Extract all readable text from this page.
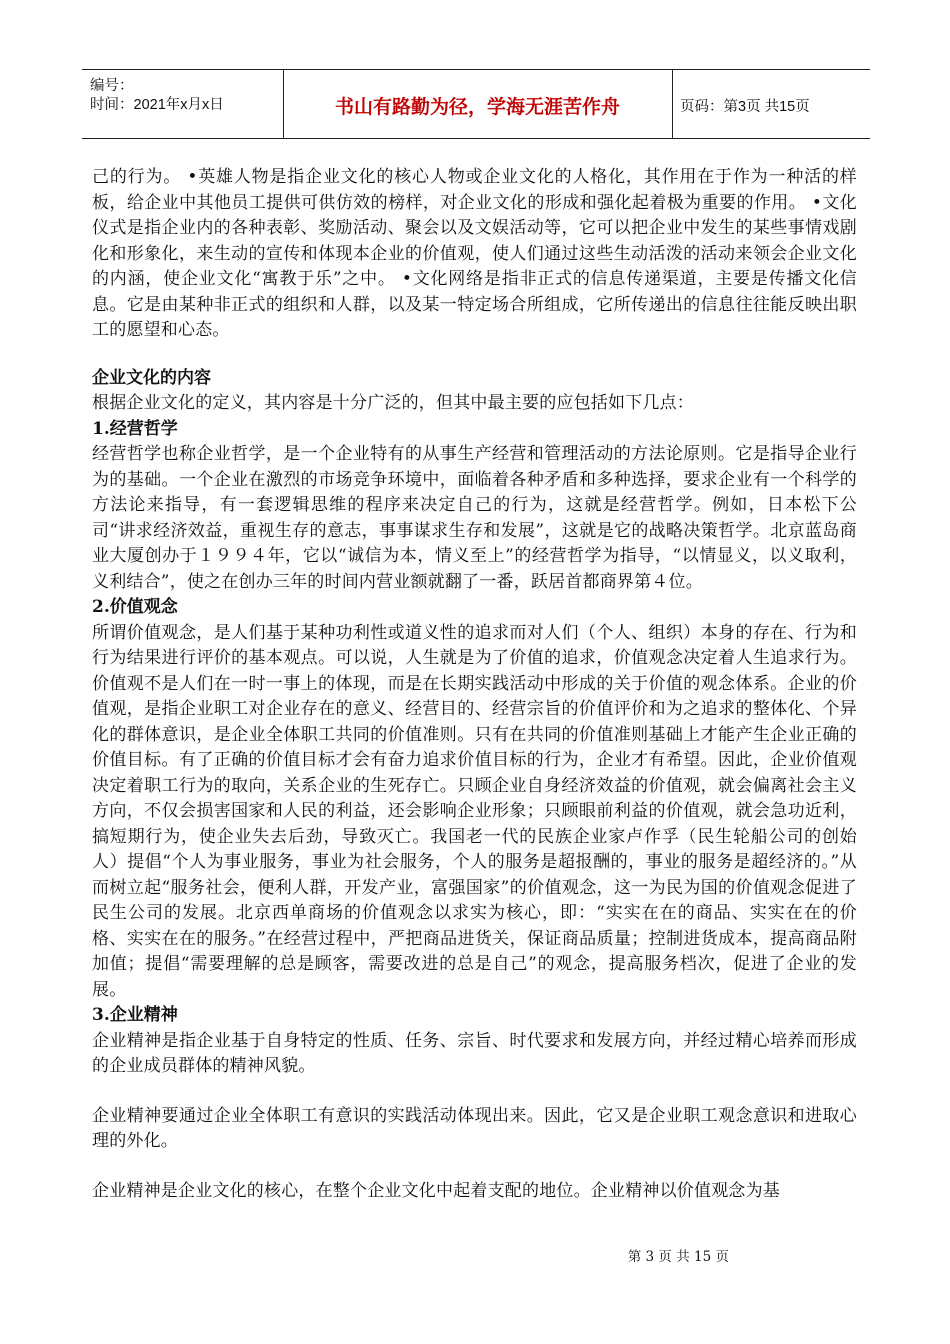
编号：
时间：2021年x月x日	书山有路勤为径，学海无涯苦作舟	页码：第3页 共15页

己的行为。 •英雄人物是指企业文化的核心人物或企业文化的人格化，其作用在于作为一种活的样板，给企业中其他员工提供可供仿效的榜样，对企业文化的形成和强化起着极为重要的作用。 •文化仪式是指企业内的各种表彰、奖励活动、聚会以及文娱活动等，它可以把企业中发生的某些事情戏剧化和形象化，来生动的宣传和体现本企业的价值观，使人们通过这些生动活泼的活动来领会企业文化的内涵，使企业文化“寓教于乐”之中。 •文化网络是指非正式的信息传递渠道，主要是传播文化信息。它是由某种非正式的组织和人群，以及某一特定场合所组成，它所传递出的信息往往能反映出职工的愿望和心态。

企业文化的内容

根据企业文化的定义，其内容是十分广泛的，但其中最主要的应包括如下几点：

1.经营哲学

经营哲学也称企业哲学，是一个企业特有的从事生产经营和管理活动的方法论原则。它是指导企业行为的基础。一个企业在激烈的市场竞争环境中，面临着各种矛盾和多种选择，要求企业有一个科学的方法论来指导，有一套逻辑思维的程序来决定自己的行为，这就是经营哲学。例如，日本松下公司“讲求经济效益，重视生存的意志，事事谋求生存和发展”，这就是它的战略决策哲学。北京蓝岛商业大厦创办于１９９４年，它以“诚信为本，情义至上”的经营哲学为指导，“以情显义，以义取利，义利结合”，使之在创办三年的时间内营业额就翻了一番，跃居首都商界第４位。

2.价值观念

所谓价值观念，是人们基于某种功利性或道义性的追求而对人们（个人、组织）本身的存在、行为和行为结果进行评价的基本观点。可以说，人生就是为了价值的追求，价值观念决定着人生追求行为。价值观不是人们在一时一事上的体现，而是在长期实践活动中形成的关于价值的观念体系。企业的价值观，是指企业职工对企业存在的意义、经营目的、经营宗旨的价值评价和为之追求的整体化、个异化的群体意识，是企业全体职工共同的价值准则。只有在共同的价值准则基础上才能产生企业正确的价值目标。有了正确的价值目标才会有奋力追求价值目标的行为，企业才有希望。因此，企业价值观决定着职工行为的取向，关系企业的生死存亡。只顾企业自身经济效益的价值观，就会偏离社会主义方向，不仅会损害国家和人民的利益，还会影响企业形象；只顾眼前利益的价值观，就会急功近利，搞短期行为，使企业失去后劲，导致灭亡。我国老一代的民族企业家卢作孚（民生轮船公司的创始人）提倡“个人为事业服务，事业为社会服务，个人的服务是超报酬的，事业的服务是超经济的。”从而树立起“服务社会，便利人群，开发产业，富强国家”的价值观念，这一为民为国的价值观念促进了民生公司的发展。北京西单商场的价值观念以求实为核心，即：“实实在在的商品、实实在在的价格、实实在在的服务。”在经营过程中，严把商品进货关，保证商品质量；控制进货成本，提高商品附加值；提倡“需要理解的总是顾客，需要改进的总是自己”的观念，提高服务档次，促进了企业的发展。

3.企业精神

企业精神是指企业基于自身特定的性质、任务、宗旨、时代要求和发展方向，并经过精心培养而形成的企业成员群体的精神风貌。

企业精神要通过企业全体职工有意识的实践活动体现出来。因此，它又是企业职工观念意识和进取心理的外化。

企业精神是企业文化的核心，在整个企业文化中起着支配的地位。企业精神以价值观念为基

第 3 页 共 15 页
